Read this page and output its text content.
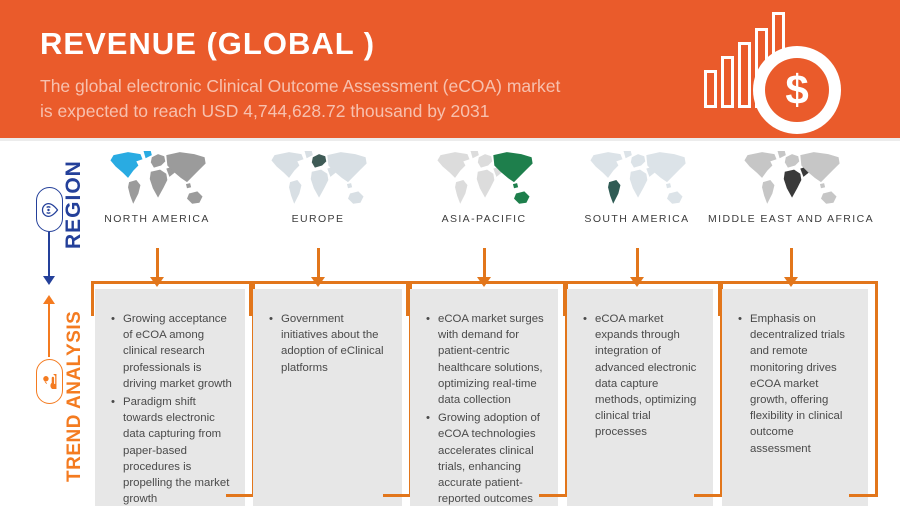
REVENUE (GLOBAL )
The global electronic Clinical Outcome Assessment (eCOA) market
is expected to reach USD 4,744,628.72 thousand by 2031	$
REGION
TREND ANALYSIS
NORTH AMERICA	EUROPE	ASIA-PACIFIC	SOUTH AMERICA	MIDDLE EAST AND AFRICA
• Growing acceptance of eCOA among clinical research professionals is driving market growth
• Paradigm shift towards electronic data capturing from paper-based procedures is propelling the market growth
• Government initiatives about the adoption of eClinical platforms
• eCOA market surges with demand for patient-centric healthcare solutions, optimizing real-time data collection
• Growing adoption of eCOA technologies accelerates clinical trials, enhancing accurate patient-reported outcomes
• eCOA market expands through integration of advanced electronic data capture methods, optimizing clinical trial processes
• Emphasis on decentralized trials and remote monitoring drives eCOA market growth, offering flexibility in clinical outcome assessment
